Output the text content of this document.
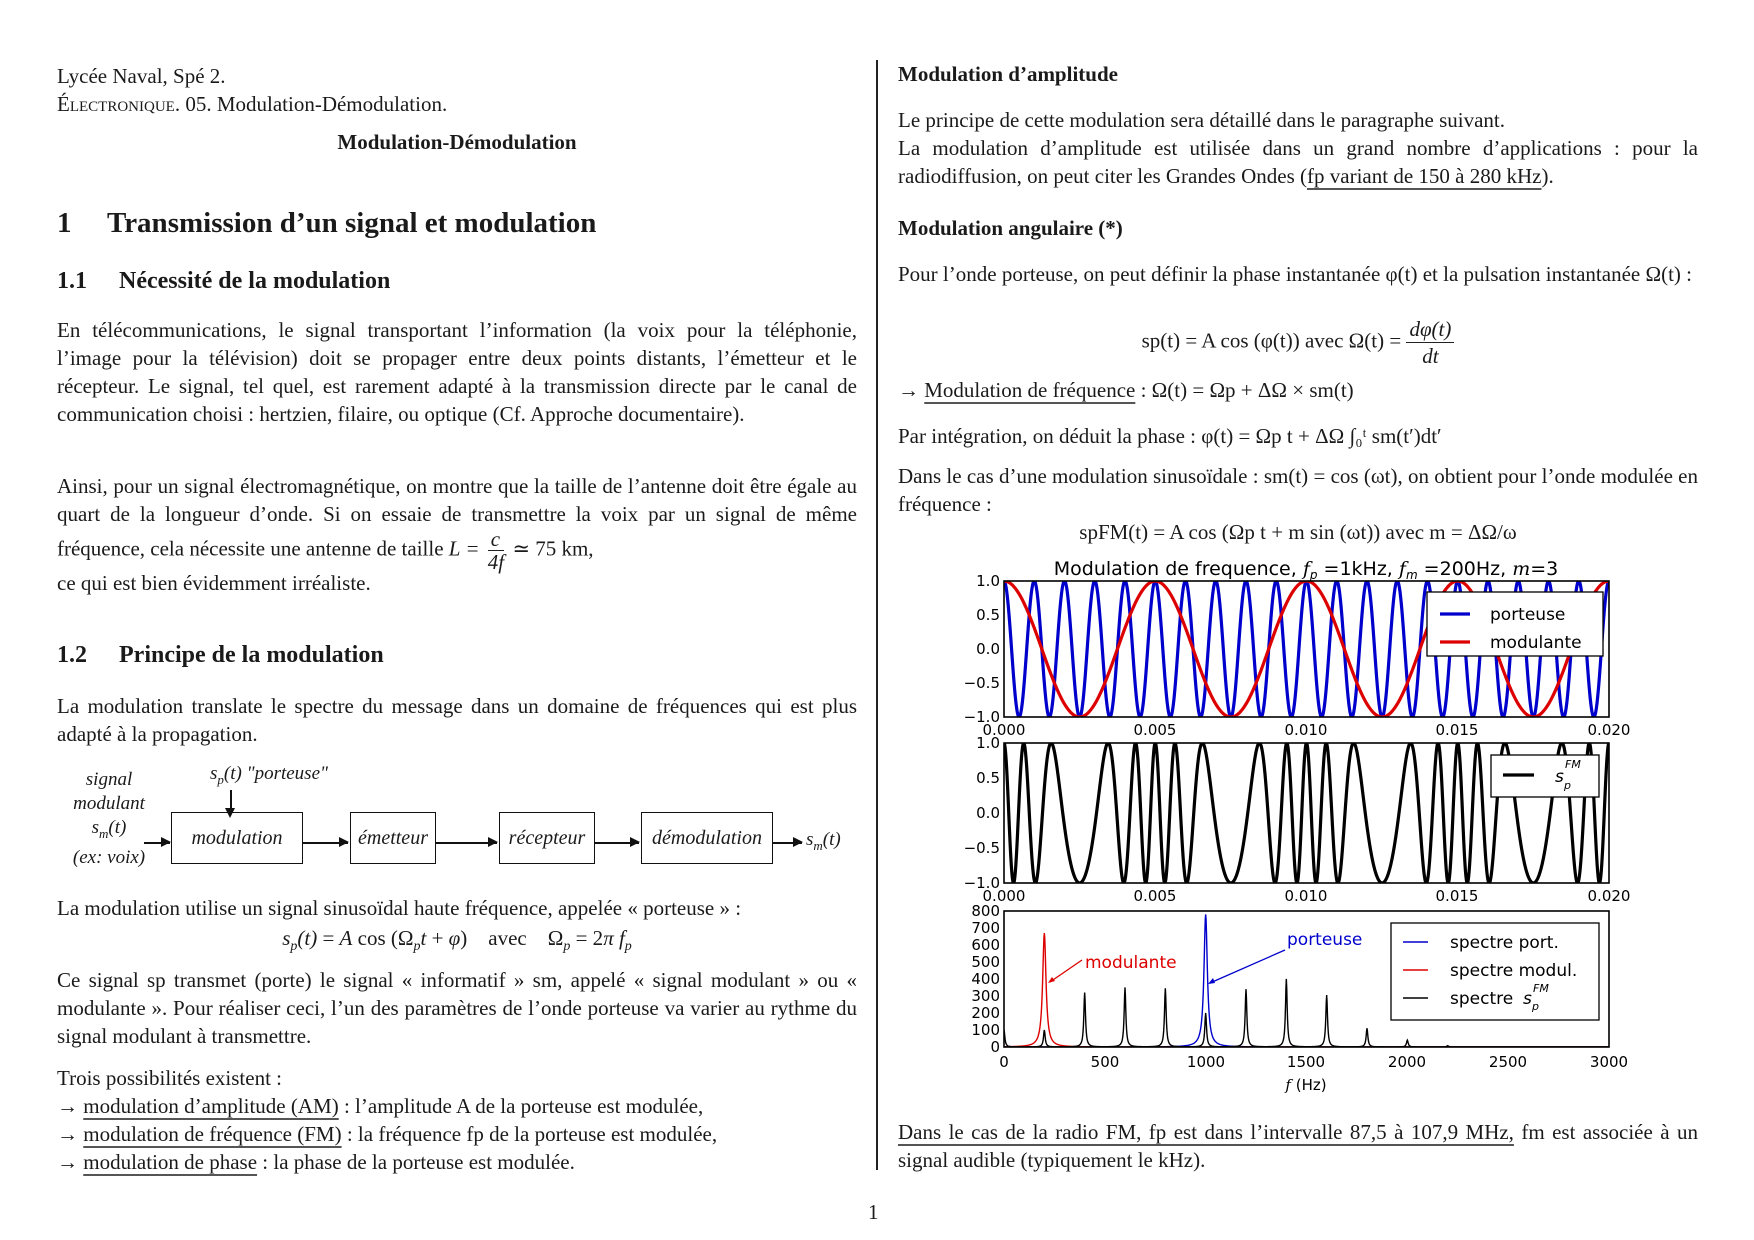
Lycée Naval, Spé 2.
Électronique. 05. Modulation-Démodulation.
Modulation-Démodulation
1 Transmission d’un signal et modulation
1.1 Nécessité de la modulation
En télécommunications, le signal transportant l’information (la voix pour la téléphonie, l’image pour la télévision) doit se propager entre deux points distants, l’émetteur et le récepteur. Le signal, tel quel, est rarement adapté à la transmission directe par le canal de communication choisi : hertzien, filaire, ou optique (Cf. Approche documentaire).
Ainsi, pour un signal électromagnétique, on montre que la taille de l’antenne doit être égale au quart de la longueur d’onde. Si on essaie de transmettre la voix par un signal de même fréquence, cela nécessite une antenne de taille $L = \frac{c}{4f}$ ≃ 75 km,
ce qui est bien évidemment irréaliste.
1.2 Principe de la modulation
La modulation translate le spectre du message dans un domaine de fréquences qui est plus adapté à la propagation.
signal
modulant
$s_m(t)$
(ex: voix)
$s_p(t)$ "porteuse"
modulation	émetteur	récepteur	démodulation	$s_m(t)$
La modulation utilise un signal sinusoïdal haute fréquence, appelée « porteuse » :
$s_p(t) = A$ $\cos (\Omega_pt + \varphi)$    avec    $\Omega_p = 2\pi$ $f_p$
Ce signal sp transmet (porte) le signal « informatif » sm, appelé « signal modulant » ou « modulante ». Pour réaliser ceci, l’un des paramètres de l’onde porteuse va varier au rythme du signal modulant à transmettre.
Trois possibilités existent :
→ modulation d’amplitude (AM) : l’amplitude A de la porteuse est modulée,
→ modulation de fréquence (FM) : la fréquence fp de la porteuse est modulée,
→ modulation de phase : la phase de la porteuse est modulée.
Modulation d’amplitude
Le principe de cette modulation sera détaillé dans le paragraphe suivant.
La modulation d’amplitude est utilisée dans un grand nombre d’applications : pour la radiodiffusion, on peut citer les Grandes Ondes (fp variant de 150 à 280 kHz).
Modulation angulaire (*)
Pour l’onde porteuse, on peut définir la phase instantanée φ(t) et la pulsation instantanée Ω(t) :
sp(t) = A cos (φ(t)) avec $\Omega(t) = \frac{d\varphi(t)}{dt}$
→ Modulation de fréquence : Ω(t) = Ωp + ΔΩ × sm(t)
Par intégration, on déduit la phase : φ(t) = Ωp t + ΔΩ ∫₀ᵗ sm(t′)dt′
Dans le cas d’une modulation sinusoïdale : sm(t) = cos (ωt), on obtient pour l’onde modulée en fréquence :
spFM(t) = A cos (Ωp t + m sin (ωt)) avec m = ΔΩ/ω
Modulation de frequence, $f_p =1kHz$, $f_m =200Hz$, m=3
1.0
0.5
0.0
−0.5
−1.0
0.000	0.005	0.010	0.015	0.020
porteuse
modulante
1.0
0.5
0.0
−0.5
−1.0
0.000	0.005	0.010	0.015	0.020
s p
FM
800
700
600
500
400
300
200
100
0
0	500	1000	1500	2000	2500	3000
f (Hz)
modulante
porteuse	spectre port.
spectre modul.
spectre s p
FM
Dans le cas de la radio FM, fp est dans l’intervalle 87,5 à 107,9 MHz, fm est associée à un signal audible (typiquement le kHz).
1
